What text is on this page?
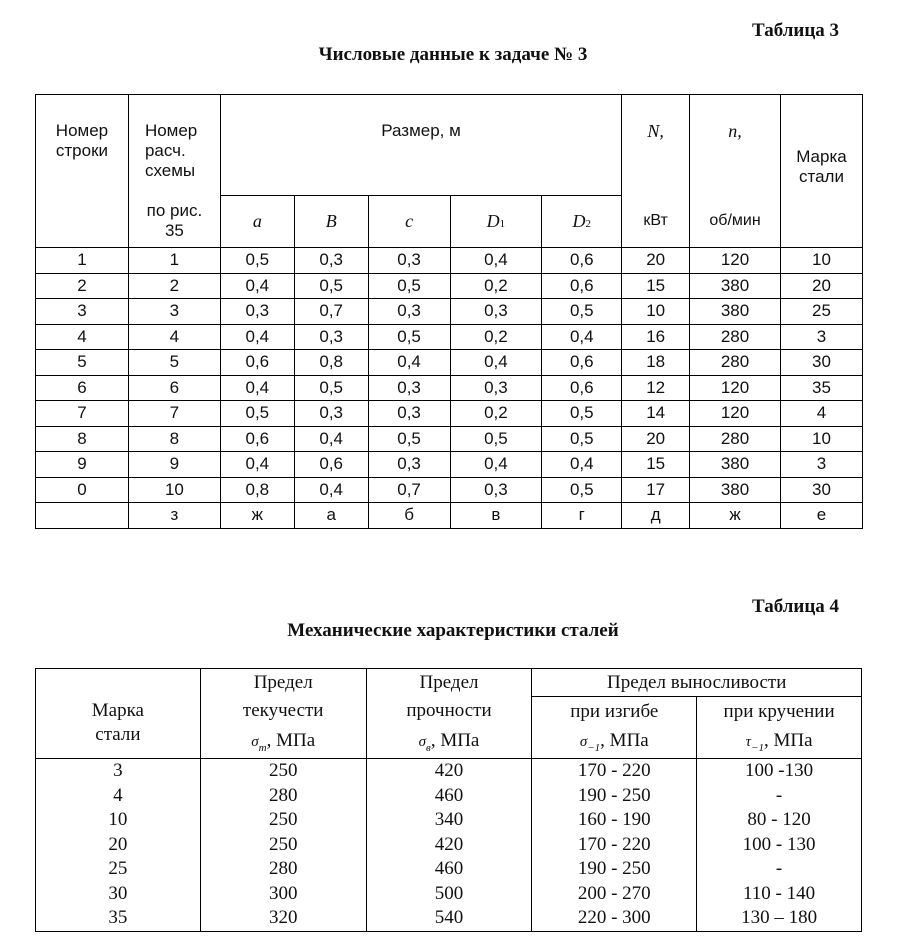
Таблица 3
Числовые данные к задаче № 3
Номер строки	Номер расч. схемы	Размер, м					N,	n,	Марка стали
	по рис. 35	a	B	c	D1	D2	кВт	об/мин	
1	1	0,5	0,3	0,3	0,4	0,6	20	120	10
2	2	0,4	0,5	0,5	0,2	0,6	15	380	20
3	3	0,3	0,7	0,3	0,3	0,5	10	380	25
4	4	0,4	0,3	0,5	0,2	0,4	16	280	3
5	5	0,6	0,8	0,4	0,4	0,6	18	280	30
6	6	0,4	0,5	0,3	0,3	0,6	12	120	35
7	7	0,5	0,3	0,3	0,2	0,5	14	120	4
8	8	0,6	0,4	0,5	0,5	0,5	20	280	10
9	9	0,4	0,6	0,3	0,4	0,4	15	380	3
0	10	0,8	0,4	0,7	0,3	0,5	17	380	30
	з	ж	а	б	в	г	д	ж	е
Таблица 4
Механические характеристики сталей
Марка стали	Предел	Предел	Предел выносливости	
	текучести	прочности	при изгибе	при кручении
	$\sigma_т$, МПа	$\sigma_в$, МПа	$\sigma_{-1}$, МПа	$\tau_{-1}$, МПа
3	250	420	170 - 220	100 -130
4	280	460	190 - 250	-
10	250	340	160 - 190	80 - 120
20	250	420	170 - 220	100 - 130
25	280	460	190 - 250	-
30	300	500	200 - 270	110 - 140
35	320	540	220 - 300	130 – 180
